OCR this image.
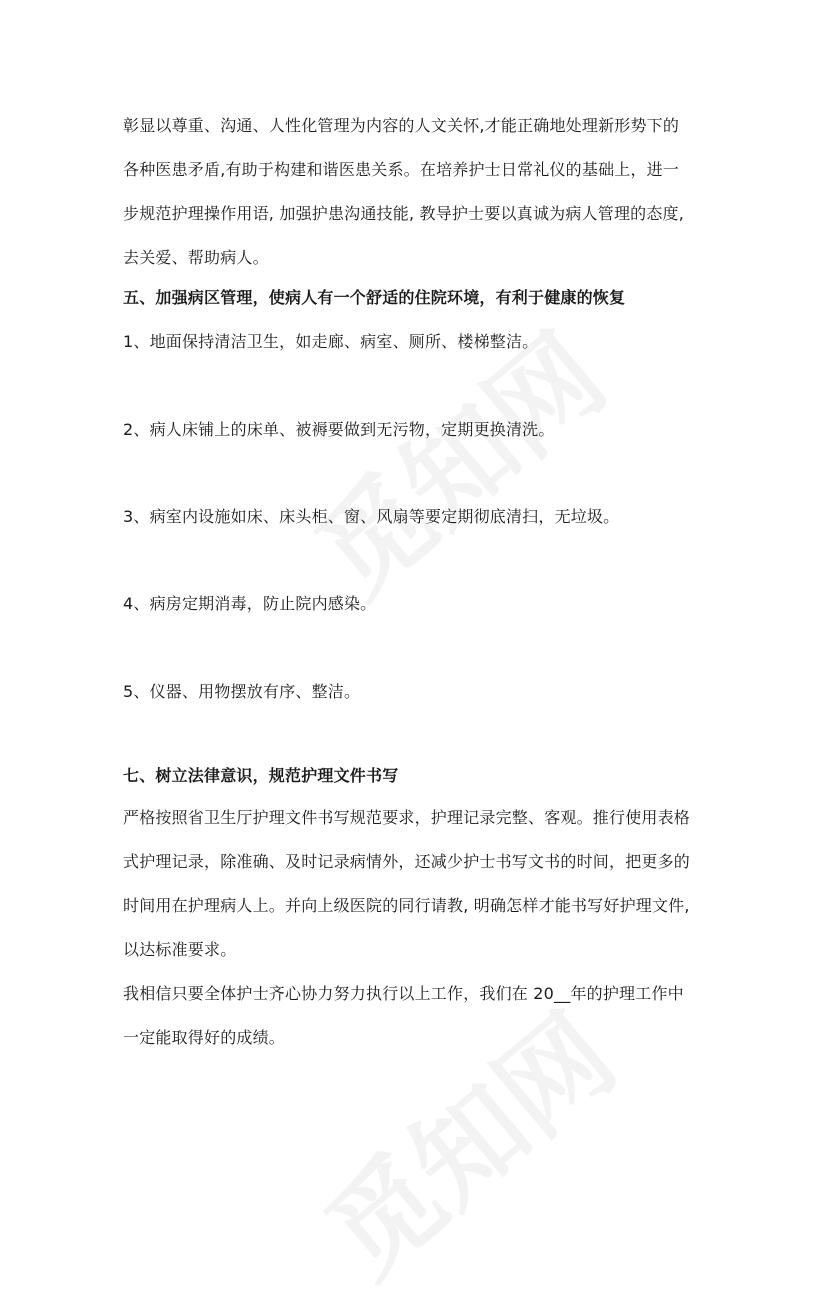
彰显以尊重、沟通、人性化管理为内容的人文关怀,才能正确地处理新形势下的
各种医患矛盾,有助于构建和谐医患关系。在培养护士日常礼仪的基础上，进一
步规范护理操作用语, 加强护患沟通技能, 教导护士要以真诚为病人管理的态度,
去关爱、帮助病人。
五、加强病区管理，使病人有一个舒适的住院环境，有利于健康的恢复
1、地面保持清洁卫生，如走廊、病室、厕所、楼梯整洁。
2、病人床铺上的床单、被褥要做到无污物，定期更换清洗。
3、病室内设施如床、床头柜、窗、风扇等要定期彻底清扫，无垃圾。
4、病房定期消毒，防止院内感染。
5、仪器、用物摆放有序、整洁。
七、树立法律意识，规范护理文件书写
严格按照省卫生厅护理文件书写规范要求，护理记录完整、客观。推行使用表格
式护理记录，除准确、及时记录病情外，还减少护士书写文书的时间，把更多的
时间用在护理病人上。并向上级医院的同行请教, 明确怎样才能书写好护理文件,
以达标准要求。
我相信只要全体护士齐心协力努力执行以上工作，我们在 20__年的护理工作中
一定能取得好的成绩。
